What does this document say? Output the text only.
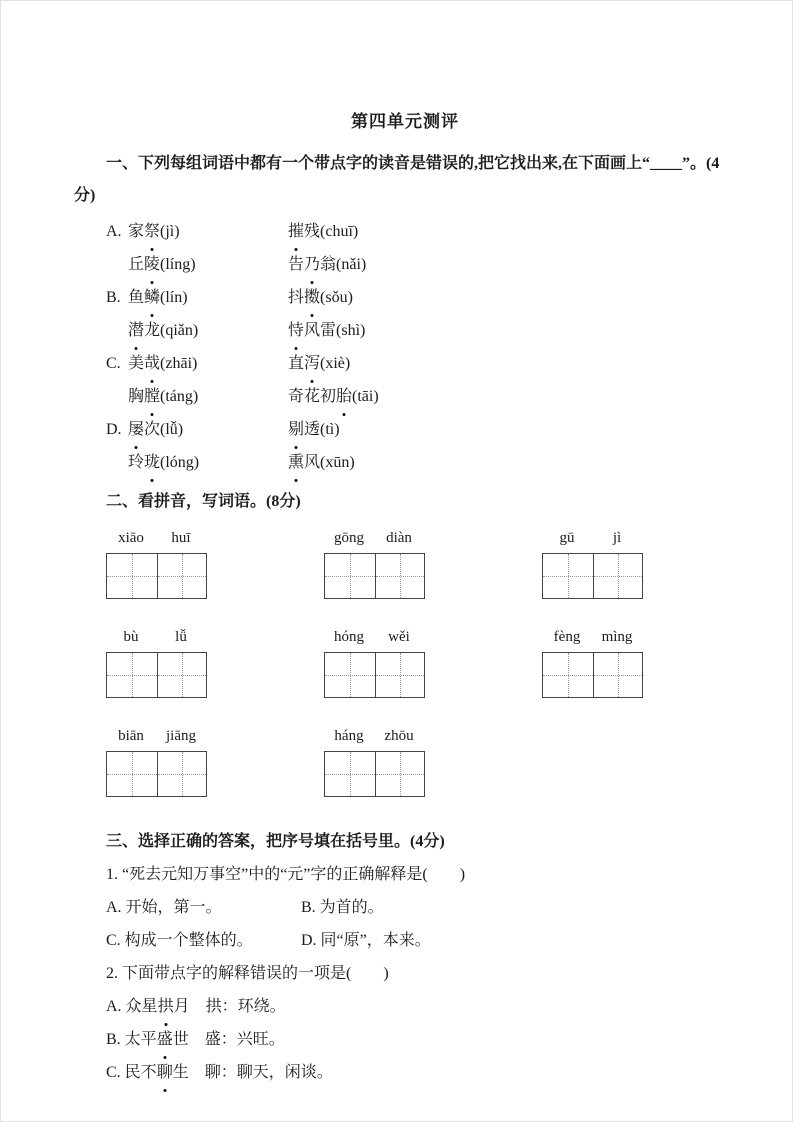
第四单元测评
一、下列每组词语中都有一个带点字的读音是错误的,把它找出来,在下面画上“____”。(4 分)
A. 家祭(jì)	摧残(chuī)
丘陵(líng)	告乃翁(nǎi)
B. 鱼鳞(lín)	抖擞(sǒu)
潜龙(qiǎn)	恃风雷(shì)
C. 美哉(zhāi)	直泻(xiè)
胸膛(táng)	奇花初胎(tāi)
D. 屡次(lǚ)	剔透(tì)
玲珑(lóng)	熏风(xūn)
二、看拼音，写词语。(8分)
xiāo	huī	gōng	diàn	gū	jì
bù	lǚ	hóng	wěi	fèng	mìng
biān	jiāng	háng	zhōu
三、选择正确的答案，把序号填在括号里。(4分)
1. “死去元知万事空”中的“元”字的正确解释是(　　)
A. 开始，第一。	B. 为首的。
C. 构成一个整体的。	D. 同“原”，本来。
2. 下面带点字的解释错误的一项是(　　)
A. 众星拱月　拱：环绕。
B. 太平盛世　盛：兴旺。
C. 民不聊生　聊：聊天，闲谈。
